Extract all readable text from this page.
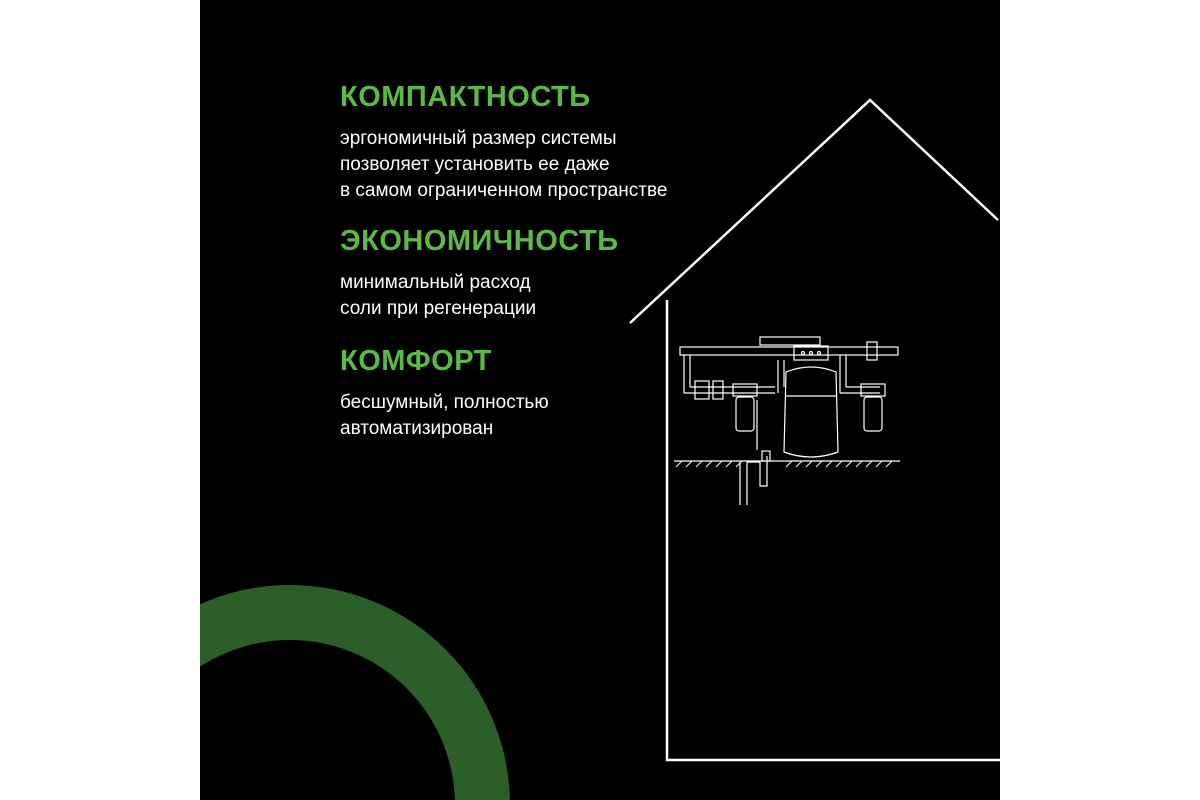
КОМПАКТНОСТЬ

эргономичный размер системы
позволяет установить ее даже
в самом ограниченном пространстве

ЭКОНОМИЧНОСТЬ

минимальный расход
соли при регенерации

КОМФОРТ

бесшумный, полностью
автоматизирован
